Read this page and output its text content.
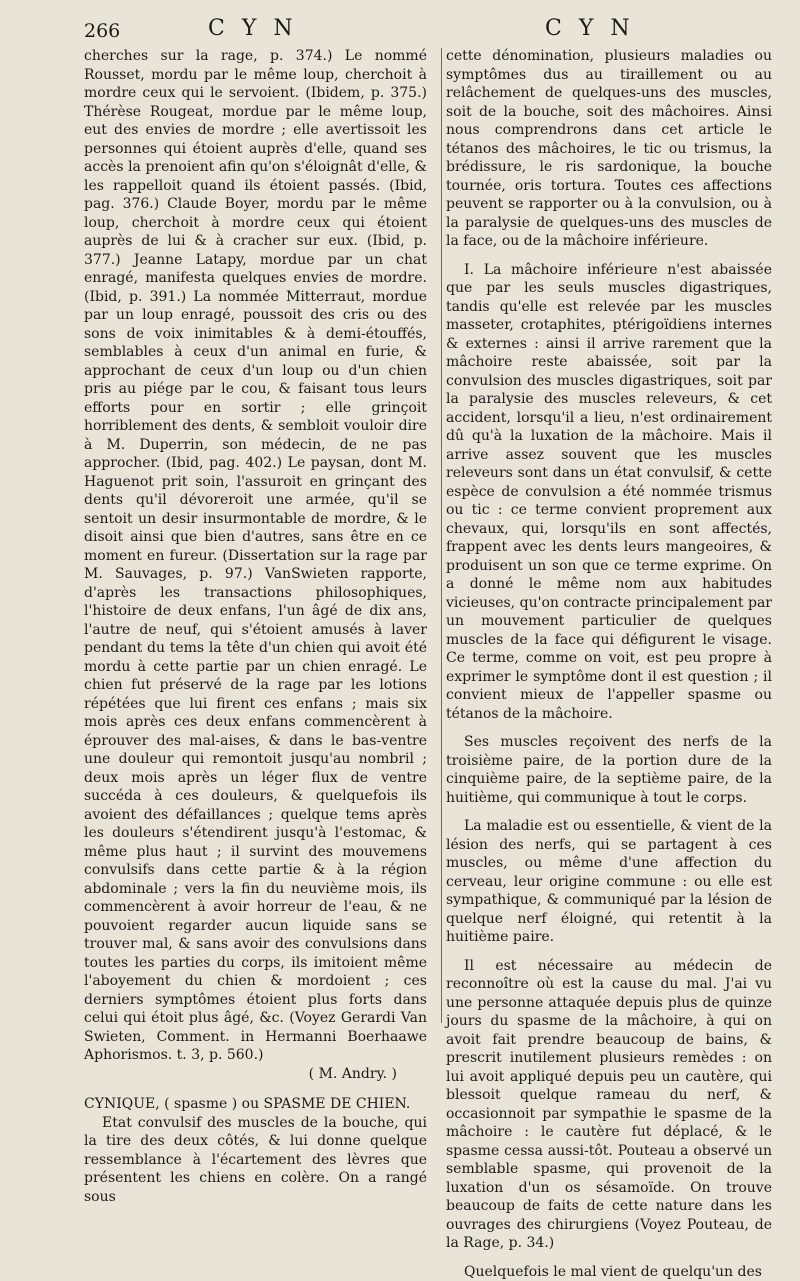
266	C Y N	C Y N

cherches sur la rage, p. 374.) Le nommé Rousset, mordu par le même loup, cherchoit à mordre ceux qui le servoient. (Ibidem, p. 375.) Thérèse Rougeat, mordue par le même loup, eut des envies de mordre ; elle avertissoit les personnes qui étoient auprès d'elle, quand ses accès la prenoient afin qu'on s'éloignât d'elle, & les rappelloit quand ils étoient passés. (Ibid, pag. 376.) Claude Boyer, mordu par le même loup, cherchoit à mordre ceux qui étoient auprès de lui & à cracher sur eux. (Ibid, p. 377.) Jeanne Latapy, mordue par un chat enragé, manifesta quelques envies de mordre. (Ibid, p. 391.) La nommée Mitterraut, mordue par un loup enragé, poussoit des cris ou des sons de voix inimitables & à demi-étouffés, semblables à ceux d'un animal en furie, & approchant de ceux d'un loup ou d'un chien pris au piége par le cou, & faisant tous leurs efforts pour en sortir ; elle grinçoit horriblement des dents, & sembloit vouloir dire à M. Duperrin, son médecin, de ne pas approcher. (Ibid, pag. 402.) Le paysan, dont M. Haguenot prit soin, l'assuroit en grinçant des dents qu'il dévoreroit une armée, qu'il se sentoit un desir insurmontable de mordre, & le disoit ainsi que bien d'autres, sans être en ce moment en fureur. (Dissertation sur la rage par M. Sauvages, p. 97.) VanSwieten rapporte, d'après les transactions philosophiques, l'histoire de deux enfans, l'un âgé de dix ans, l'autre de neuf, qui s'étoient amusés à laver pendant du tems la tête d'un chien qui avoit été mordu à cette partie par un chien enragé. Le chien fut préservé de la rage par les lotions répétées que lui firent ces enfans ; mais six mois après ces deux enfans commencèrent à éprouver des mal-aises, & dans le bas-ventre une douleur qui remontoit jusqu'au nombril ; deux mois après un léger flux de ventre succéda à ces douleurs, & quelquefois ils avoient des défaillances ; quelque tems après les douleurs s'étendirent jusqu'à l'estomac, & même plus haut ; il survint des mouvemens convulsifs dans cette partie & à la région abdominale ; vers la fin du neuvième mois, ils commencèrent à avoir horreur de l'eau, & ne pouvoient regarder aucun liquide sans se trouver mal, & sans avoir des convulsions dans toutes les parties du corps, ils imitoient même l'aboyement du chien & mordoient ; ces derniers symptômes étoient plus forts dans celui qui étoit plus âgé, &c. (Voyez Gerardi Van Swieten, Comment. in Hermanni Boerhaawe Aphorismos. t. 3, p. 560.)

( M. Andry. )

CYNIQUE, ( spasme ) ou SPASME DE CHIEN.

Etat convulsif des muscles de la bouche, qui la tire des deux côtés, & lui donne quelque ressemblance à l'écartement des lèvres que présentent les chiens en colère. On a rangé sous

cette dénomination, plusieurs maladies ou symptômes dus au tiraillement ou au relâchement de quelques-uns des muscles, soit de la bouche, soit des mâchoires. Ainsi nous comprendrons dans cet article le tétanos des mâchoires, le tic ou trismus, la brédissure, le ris sardonique, la bouche tournée, oris tortura. Toutes ces affections peuvent se rapporter ou à la convulsion, ou à la paralysie de quelques-uns des muscles de la face, ou de la mâchoire inférieure.

I. La mâchoire inférieure n'est abaissée que par les seuls muscles digastriques, tandis qu'elle est relevée par les muscles masseter, crotaphites, ptérigoïdiens internes & externes : ainsi il arrive rarement que la mâchoire reste abaissée, soit par la convulsion des muscles digastriques, soit par la paralysie des muscles releveurs, & cet accident, lorsqu'il a lieu, n'est ordinairement dû qu'à la luxation de la mâchoire. Mais il arrive assez souvent que les muscles releveurs sont dans un état convulsif, & cette espèce de convulsion a été nommée trismus ou tic : ce terme convient proprement aux chevaux, qui, lorsqu'ils en sont affectés, frappent avec les dents leurs mangeoires, & produisent un son que ce terme exprime. On a donné le même nom aux habitudes vicieuses, qu'on contracte principalement par un mouvement particulier de quelques muscles de la face qui défigurent le visage. Ce terme, comme on voit, est peu propre à exprimer le symptôme dont il est question ; il convient mieux de l'appeller spasme ou tétanos de la mâchoire.

Ses muscles reçoivent des nerfs de la troisième paire, de la portion dure de la cinquième paire, de la septième paire, de la huitième, qui communique à tout le corps.

La maladie est ou essentielle, & vient de la lésion des nerfs, qui se partagent à ces muscles, ou même d'une affection du cerveau, leur origine commune : ou elle est sympathique, & communiqué par la lésion de quelque nerf éloigné, qui retentit à la huitième paire.

Il est nécessaire au médecin de reconnoître où est la cause du mal. J'ai vu une personne attaquée depuis plus de quinze jours du spasme de la mâchoire, à qui on avoit fait prendre beaucoup de bains, & prescrit inutilement plusieurs remèdes : on lui avoit appliqué depuis peu un cautère, qui blessoit quelque rameau du nerf, & occasionnoit par sympathie le spasme de la mâchoire : le cautère fut déplacé, & le spasme cessa aussi-tôt. Pouteau a observé un semblable spasme, qui provenoit de la luxation d'un os sésamoïde. On trouve beaucoup de faits de cette nature dans les ouvrages des chirurgiens (Voyez Pouteau, de la Rage, p. 34.)

Quelquefois le mal vient de quelqu'un des
